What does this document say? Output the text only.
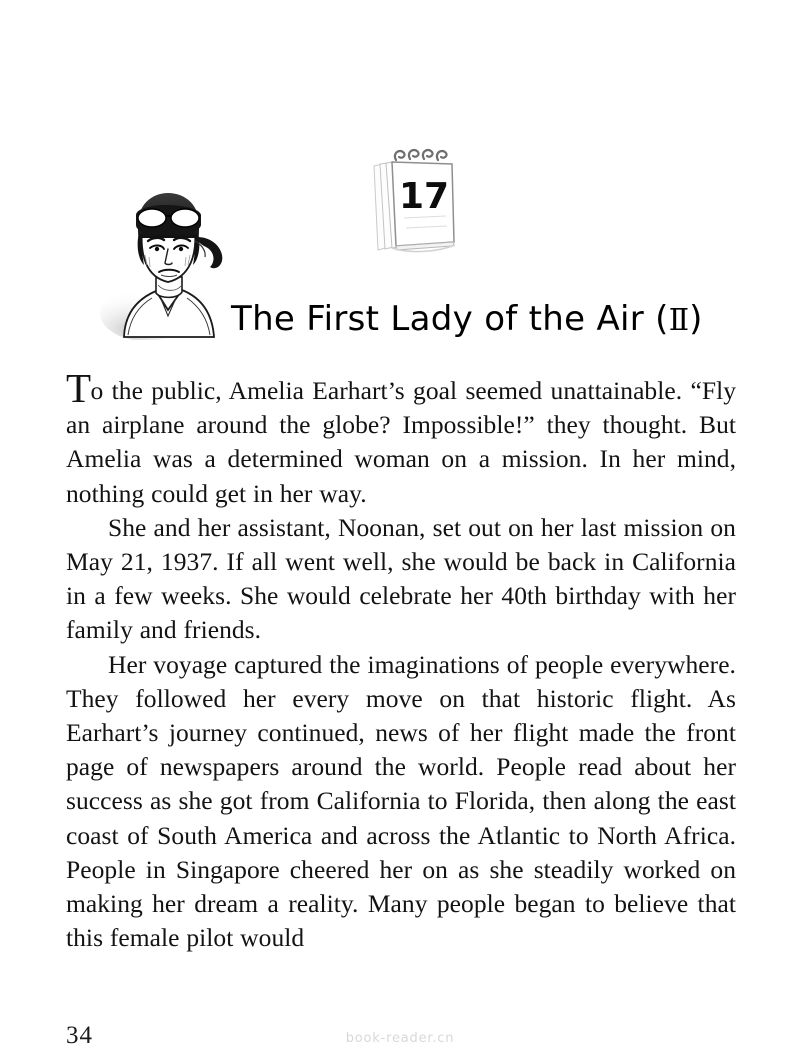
17
The First Lady of the Air (Ⅱ)

To the public, Amelia Earhart’s goal seemed unattainable. “Fly an airplane around the globe? Impossible!” they thought. But Amelia was a determined woman on a mission. In her mind, nothing could get in her way.

She and her assistant, Noonan, set out on her last mission on May 21, 1937. If all went well, she would be back in California in a few weeks. She would celebrate her 40th birthday with her family and friends.

Her voyage captured the imaginations of people everywhere. They followed her every move on that historic flight. As Earhart’s journey continued, news of her flight made the front page of newspapers around the world. People read about her success as she got from California to Florida, then along the east coast of South America and across the Atlantic to North Africa. People in Singapore cheered her on as she steadily worked on making her dream a reality. Many people began to believe that this female pilot would

34	book-reader.cn
